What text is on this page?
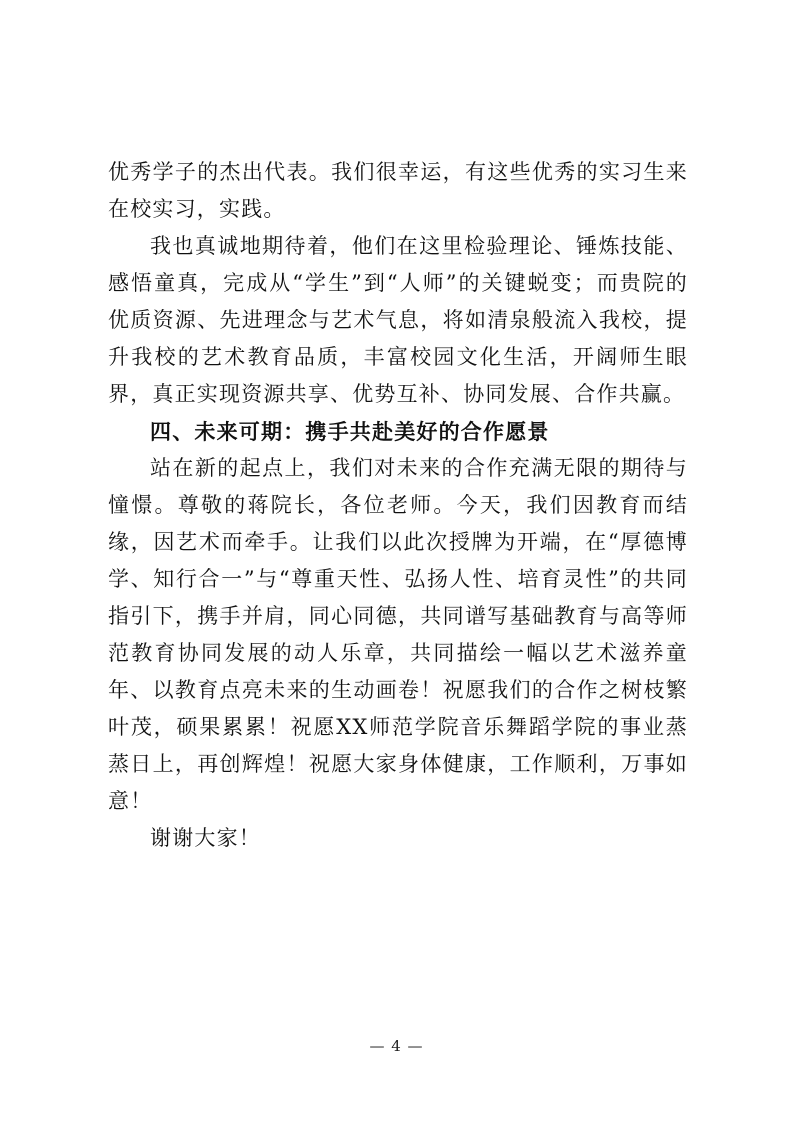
优秀学子的杰出代表。我们很幸运，有这些优秀的实习生来在校实习，实践。

我也真诚地期待着，他们在这里检验理论、锤炼技能、感悟童真，完成从“学生”到“人师”的关键蜕变；而贵院的优质资源、先进理念与艺术气息，将如清泉般流入我校，提升我校的艺术教育品质，丰富校园文化生活，开阔师生眼界，真正实现资源共享、优势互补、协同发展、合作共赢。

四、未来可期：携手共赴美好的合作愿景

站在新的起点上，我们对未来的合作充满无限的期待与憧憬。尊敬的蒋院长，各位老师。今天，我们因教育而结缘，因艺术而牵手。让我们以此次授牌为开端，在“厚德博学、知行合一”与“尊重天性、弘扬人性、培育灵性”的共同指引下，携手并肩，同心同德，共同谱写基础教育与高等师范教育协同发展的动人乐章，共同描绘一幅以艺术滋养童年、以教育点亮未来的生动画卷！祝愿我们的合作之树枝繁叶茂，硕果累累！祝愿XX师范学院音乐舞蹈学院的事业蒸蒸日上，再创辉煌！祝愿大家身体健康，工作顺利，万事如意！

谢谢大家！

— 4 —
